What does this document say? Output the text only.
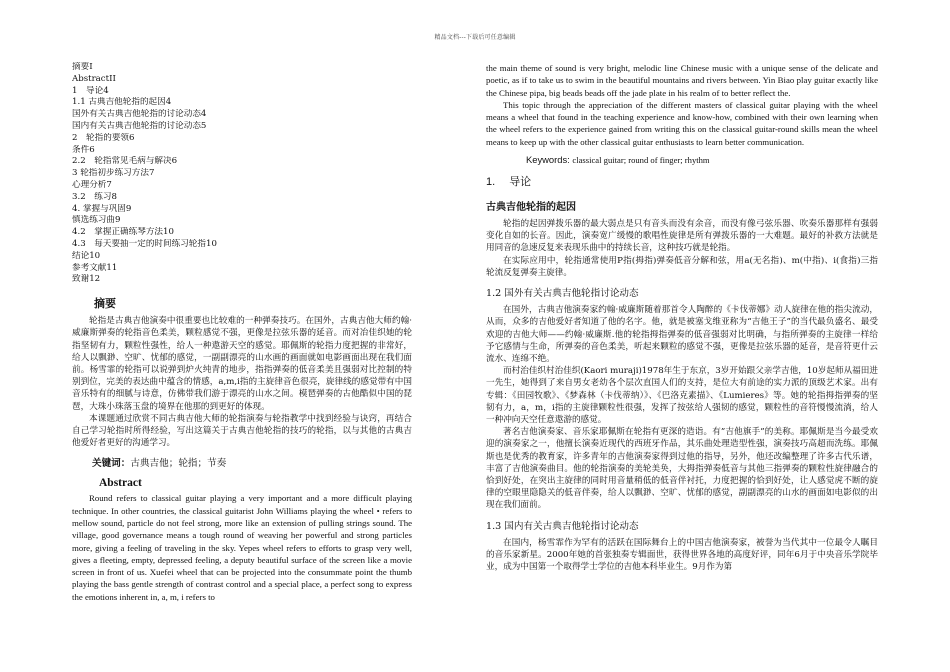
精品文档---下载后可任意编辑
摘要I
AbstractII
1　导论4
1.1 古典吉他轮指的起因4
国外有关古典吉他轮指的讨论动态4
国内有关古典吉他轮指的讨论动态5
2　轮指的要领6
条件6
2.2　轮指常见毛病与解决6
3 轮指初步练习方法7
心理分析7
3.2　练习8
4. 掌握与巩固9
慎选练习曲9
4.2　掌握正确练琴方法10
4.3　每天要抽一定的时间练习轮指10
结论10
参考文献11
致谢12
摘要

轮指是古典吉他演奏中很重要也比较难的一种弹奏技巧。在国外，古典吉他大师约翰·威廉斯弹奏的轮指音色柔美，颗粒感觉不强，更像是拉弦乐器的延音。而对冶佳织她的轮指坚韧有力，颗粒性强性，给人一种遨游天空的感觉。耶佩斯的轮指力度把握的非常好，给人以飘渺、空旷、忧郁的感觉，一副副漂亮的山水画的画面就如电影画面出现在我们面前。杨雪霏的轮指可以说弹到炉火纯青的地步，指指弹奏的低音柔美且强弱对比控制的特别到位，完美的表达曲中蕴含的情感，a,m,i指的主旋律音色很亮，旋律线的感觉带有中国音乐特有的细腻与诗意，仿佛带我们游于漂亮的山水之间。模琶弹奏的古他酷似中国的琵琶，大珠小珠落玉盘的境界在他那的到更好的体现。

本课题通过欣赏不同古典吉他大师的轮指演奏与轮指教学中找到经验与诀窍，再结合自己学习轮指时所得经验，写出这篇关于古典吉他轮指的技巧的轮指，以与其他的古典吉他爱好者更好的沟通学习。

关键词：古典吉他；轮指；节奏
Abstract

Round refers to classical guitar playing a very important and a more difficult playing technique. In other countries, the classical guitarist John Williams playing the wheel • refers to mellow sound, particle do not feel strong, more like an extension of pulling strings sound. The village, good governance means a tough round of weaving her powerful and strong particles more, giving a feeling of traveling in the sky. Yepes wheel refers to efforts to grasp very well, gives a fleeting, empty, depressed feeling, a deputy beautiful surface of the screen like a movie screen in front of us. Xuefei wheel that can be projected into the consummate point the thumb playing the bass gentle strength of contrast control and a special place, a perfect song to express the emotions inherent in, a, m, i refers to

the main theme of sound is very bright, melodic line Chinese music with a unique sense of the delicate and poetic, as if to take us to swim in the beautiful mountains and rivers between. Yin Biao play guitar exactly like the Chinese pipa, big beads beads off the jade plate in his realm of to better reflect the.

This topic through the appreciation of the different masters of classical guitar playing with the wheel means a wheel that found in the teaching experience and know-how, combined with their own learning when the wheel refers to the experience gained from writing this on the classical guitar-round skills mean the wheel means to keep up with the other classical guitar enthusiasts to learn better communication.

Keywords: classical guitar; round of finger; rhythm
1. 导论
古典吉他轮指的起因

轮指的起因弹拨乐器的最大弱点是只有音头而没有余音，而没有像弓弦乐器、吹奏乐器那样有强弱变化自如的长音。因此，演奏宽广缓慢的歌唱性旋律是所有弹拨乐器的一大难题。最好的补救方法就是用同音的急速反复来表现乐曲中的持续长音，这种技巧就是轮指。

在实际应用中，轮指通常使用P指(拇指)弹奏低音分解和弦，用a(无名指)、m(中指)、i(食指)三指轮流反复弹奏主旋律。

1.2 国外有关古典吉他轮指讨论动态

在国外，古典吉他演奏家约翰·威廉斯随着那首令人陶醉的《卡伐蒂娜》动人旋律在他的指尖流动，从而，众多的吉他爱好者知道了他的名字。他，就是被塞戈维亚称为“吉他王子”的当代最负盛名、最受欢迎的吉他大师——约翰·威廉斯.他的轮指拇指弹奏的低音强弱对比明确，与指所弹奏的主旋律一样给予它感情与生命，所弹奏的音色柔美，听起来颗粒的感觉不强，更像是拉弦乐器的延音，是音符更什云流水、连绵不绝。

而村治佳织村治佳织(Kaori muraji)1978年生于东京，3岁开始跟父亲学吉他，10岁起师从福田进一先生，她得到了来自男女老幼各个层次直国人们的支持，是位大有前途的实力派的顶级艺术家。出有专辑：《田园牧歌》、《梦森林（卡伐蒂纳）》、《巴洛克素描》、《Lumieres》等。她的轮指拇指弹奏的坚韧有力，a，m，i指的主旋律颗粒性很强，发挥了按弦给人强韧的感觉，颗粒性的音符慢慢流淌，给人一种冲向天空任意遨游的感觉。

著名吉他演奏家、音乐家耶佩斯在轮指有更深的造诣。有”吉他旗手”的美称。耶佩斯是当今最受欢迎的演奏家之一，他擅长演奏近现代的西班牙作品，其乐曲处理造型性强，演奏技巧高超而洗练。耶佩斯也是优秀的教育家，许多青年的吉他演奏家得到过他的指导，另外，他还改编整理了许多古代乐谱，丰富了吉他演奏曲目。他的轮指演奏的美轮美奂，大拇指弹奏低音与其他三指弹奏的颗粒性旋律融合的恰到好处，在突出主旋律的同时用音量稍低的低音伴衬托，力度把握的恰到好处，让人感觉虎不断的旋律的空眼里隐隐关的低音伴奏，给人以飘渺、空旷、忧郁的感觉，副副漂亮的山水的画面如电影似的出现在我们面前。

1.3 国内有关古典吉他轮指讨论动态

在国内，杨雪霏作为罕有的活跃在国际舞台上的中国吉他演奏家，被誉为当代其中一位最令人瞩目的音乐家新星。2000年她的首张独奏专辑面世，获得世界各地的高度好评，同年6月于中央音乐学院毕业，成为中国第一个取得学士学位的吉他本科毕业生。9月作为第
